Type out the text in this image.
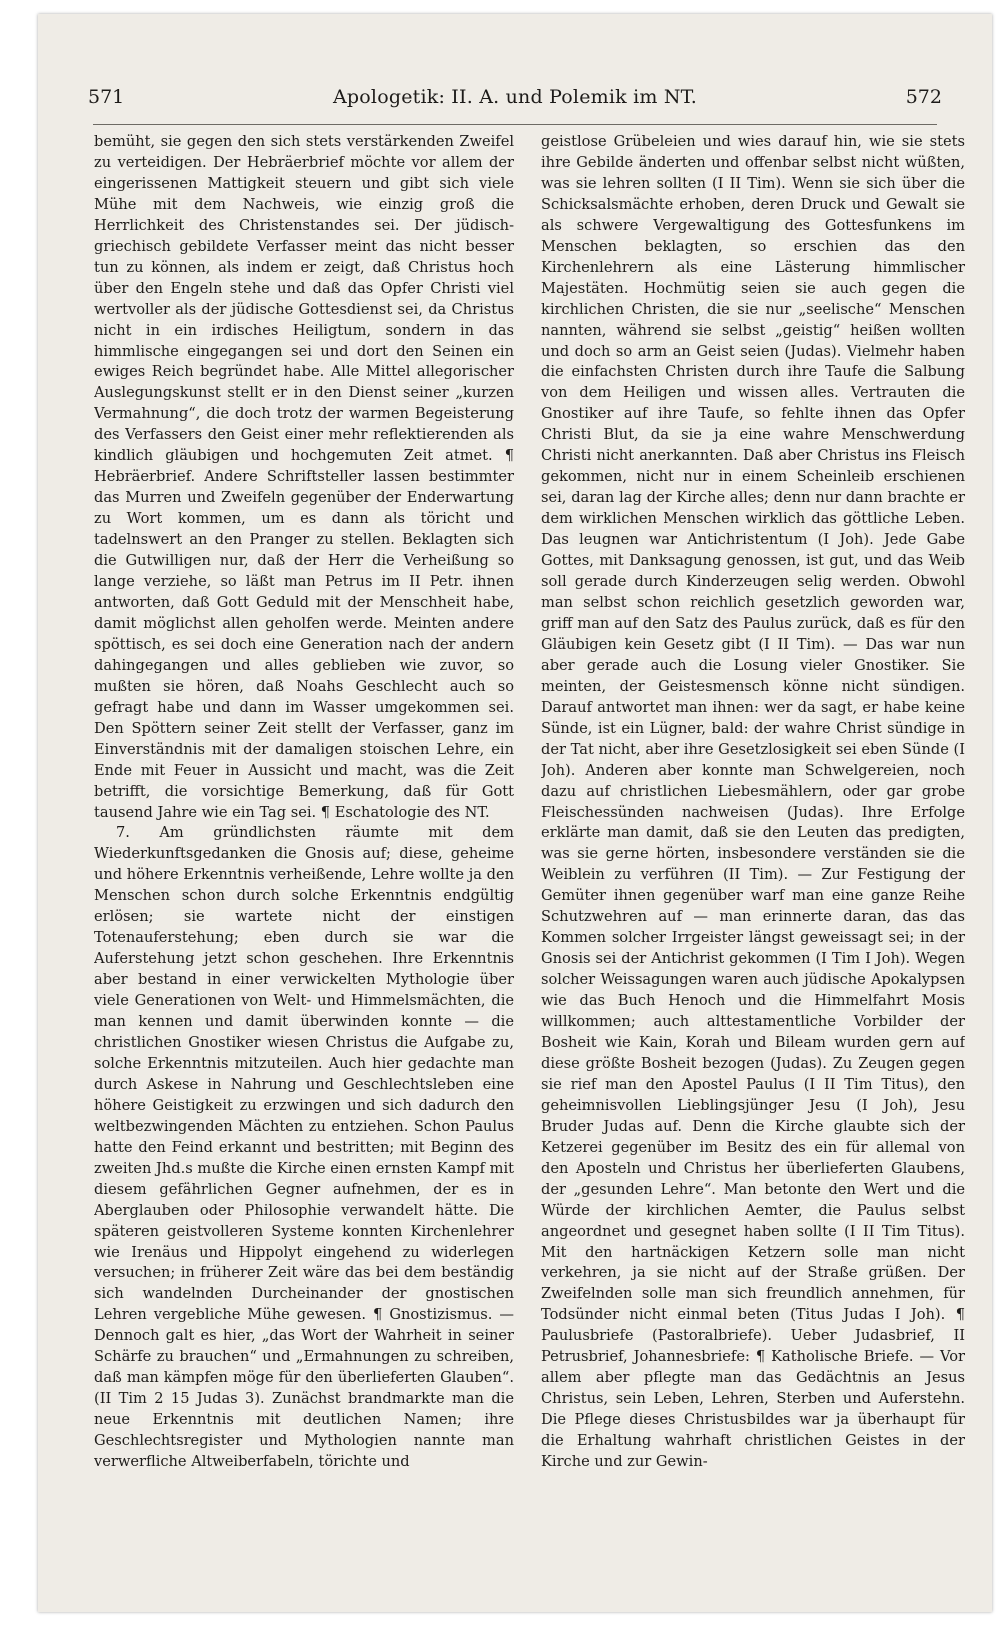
571	Apologetik: II. A. und Polemik im NT.	572

bemüht, sie gegen den sich stets verstärkenden Zweifel zu verteidigen. Der Hebräerbrief möchte vor allem der eingerissenen Mattigkeit steuern und gibt sich viele Mühe mit dem Nachweis, wie einzig groß die Herrlichkeit des Christenstandes sei. Der jüdisch-griechisch gebildete Verfasser meint das nicht besser tun zu können, als indem er zeigt, daß Christus hoch über den Engeln stehe und daß das Opfer Christi viel wertvoller als der jüdische Gottesdienst sei, da Christus nicht in ein irdisches Heiligtum, sondern in das himmlische eingegangen sei und dort den Seinen ein ewiges Reich begründet habe. Alle Mittel allegorischer Auslegungskunst stellt er in den Dienst seiner „kurzen Vermahnung“, die doch trotz der warmen Begeisterung des Verfassers den Geist einer mehr reflektierenden als kindlich gläubigen und hochgemuten Zeit atmet. ¶ Hebräerbrief. Andere Schriftsteller lassen bestimmter das Murren und Zweifeln gegenüber der Enderwartung zu Wort kommen, um es dann als töricht und tadelnswert an den Pranger zu stellen. Beklagten sich die Gutwilligen nur, daß der Herr die Verheißung so lange verziehe, so läßt man Petrus im II Petr. ihnen antworten, daß Gott Geduld mit der Menschheit habe, damit möglichst allen geholfen werde. Meinten andere spöttisch, es sei doch eine Generation nach der andern dahingegangen und alles geblieben wie zuvor, so mußten sie hören, daß Noahs Geschlecht auch so gefragt habe und dann im Wasser umgekommen sei. Den Spöttern seiner Zeit stellt der Verfasser, ganz im Einverständnis mit der damaligen stoischen Lehre, ein Ende mit Feuer in Aussicht und macht, was die Zeit betrifft, die vorsichtige Bemerkung, daß für Gott tausend Jahre wie ein Tag sei. ¶ Eschatologie des NT.

7. Am gründlichsten räumte mit dem Wiederkunftsgedanken die Gnosis auf; diese, geheime und höhere Erkenntnis verheißende, Lehre wollte ja den Menschen schon durch solche Erkenntnis endgültig erlösen; sie wartete nicht der einstigen Totenauferstehung; eben durch sie war die Auferstehung jetzt schon geschehen. Ihre Erkenntnis aber bestand in einer verwickelten Mythologie über viele Generationen von Welt- und Himmelsmächten, die man kennen und damit überwinden konnte — die christlichen Gnostiker wiesen Christus die Aufgabe zu, solche Erkenntnis mitzuteilen. Auch hier gedachte man durch Askese in Nahrung und Geschlechtsleben eine höhere Geistigkeit zu erzwingen und sich dadurch den weltbezwingenden Mächten zu entziehen. Schon Paulus hatte den Feind erkannt und bestritten; mit Beginn des zweiten Jhd.s mußte die Kirche einen ernsten Kampf mit diesem gefährlichen Gegner aufnehmen, der es in Aberglauben oder Philosophie verwandelt hätte. Die späteren geistvolleren Systeme konnten Kirchenlehrer wie Irenäus und Hippolyt eingehend zu widerlegen versuchen; in früherer Zeit wäre das bei dem beständig sich wandelnden Durcheinander der gnostischen Lehren vergebliche Mühe gewesen. ¶ Gnostizismus. — Dennoch galt es hier, „das Wort der Wahrheit in seiner Schärfe zu brauchen“ und „Ermahnungen zu schreiben, daß man kämpfen möge für den überlieferten Glauben“. (II Tim 2 15 Judas 3). Zunächst brandmarkte man die neue Erkenntnis mit deutlichen Namen; ihre Geschlechtsregister und Mythologien nannte man verwerfliche Altweiberfabeln, törichte und

geistlose Grübeleien und wies darauf hin, wie sie stets ihre Gebilde änderten und offenbar selbst nicht wüßten, was sie lehren sollten (I II Tim). Wenn sie sich über die Schicksalsmächte erhoben, deren Druck und Gewalt sie als schwere Vergewaltigung des Gottesfunkens im Menschen beklagten, so erschien das den Kirchenlehrern als eine Lästerung himmlischer Majestäten. Hochmütig seien sie auch gegen die kirchlichen Christen, die sie nur „seelische“ Menschen nannten, während sie selbst „geistig“ heißen wollten und doch so arm an Geist seien (Judas). Vielmehr haben die einfachsten Christen durch ihre Taufe die Salbung von dem Heiligen und wissen alles. Vertrauten die Gnostiker auf ihre Taufe, so fehlte ihnen das Opfer Christi Blut, da sie ja eine wahre Menschwerdung Christi nicht anerkannten. Daß aber Christus ins Fleisch gekommen, nicht nur in einem Scheinleib erschienen sei, daran lag der Kirche alles; denn nur dann brachte er dem wirklichen Menschen wirklich das göttliche Leben. Das leugnen war Antichristentum (I Joh). Jede Gabe Gottes, mit Danksagung genossen, ist gut, und das Weib soll gerade durch Kinderzeugen selig werden. Obwohl man selbst schon reichlich gesetzlich geworden war, griff man auf den Satz des Paulus zurück, daß es für den Gläubigen kein Gesetz gibt (I II Tim). — Das war nun aber gerade auch die Losung vieler Gnostiker. Sie meinten, der Geistesmensch könne nicht sündigen. Darauf antwortet man ihnen: wer da sagt, er habe keine Sünde, ist ein Lügner, bald: der wahre Christ sündige in der Tat nicht, aber ihre Gesetzlosigkeit sei eben Sünde (I Joh). Anderen aber konnte man Schwelgereien, noch dazu auf christlichen Liebesmählern, oder gar grobe Fleischessünden nachweisen (Judas). Ihre Erfolge erklärte man damit, daß sie den Leuten das predigten, was sie gerne hörten, insbesondere verständen sie die Weiblein zu verführen (II Tim). — Zur Festigung der Gemüter ihnen gegenüber warf man eine ganze Reihe Schutzwehren auf — man erinnerte daran, das das Kommen solcher Irrgeister längst geweissagt sei; in der Gnosis sei der Antichrist gekommen (I Tim I Joh). Wegen solcher Weissagungen waren auch jüdische Apokalypsen wie das Buch Henoch und die Himmelfahrt Mosis willkommen; auch alttestamentliche Vorbilder der Bosheit wie Kain, Korah und Bileam wurden gern auf diese größte Bosheit bezogen (Judas). Zu Zeugen gegen sie rief man den Apostel Paulus (I II Tim Titus), den geheimnisvollen Lieblingsjünger Jesu (I Joh), Jesu Bruder Judas auf. Denn die Kirche glaubte sich der Ketzerei gegenüber im Besitz des ein für allemal von den Aposteln und Christus her überlieferten Glaubens, der „gesunden Lehre“. Man betonte den Wert und die Würde der kirchlichen Aemter, die Paulus selbst angeordnet und gesegnet haben sollte (I II Tim Titus). Mit den hartnäckigen Ketzern solle man nicht verkehren, ja sie nicht auf der Straße grüßen. Der Zweifelnden solle man sich freundlich annehmen, für Todsünder nicht einmal beten (Titus Judas I Joh). ¶ Paulusbriefe (Pastoralbriefe). Ueber Judasbrief, II Petrusbrief, Johannesbriefe: ¶ Katholische Briefe. — Vor allem aber pflegte man das Gedächtnis an Jesus Christus, sein Leben, Lehren, Sterben und Auferstehn. Die Pflege dieses Christusbildes war ja überhaupt für die Erhaltung wahrhaft christlichen Geistes in der Kirche und zur Gewin-
